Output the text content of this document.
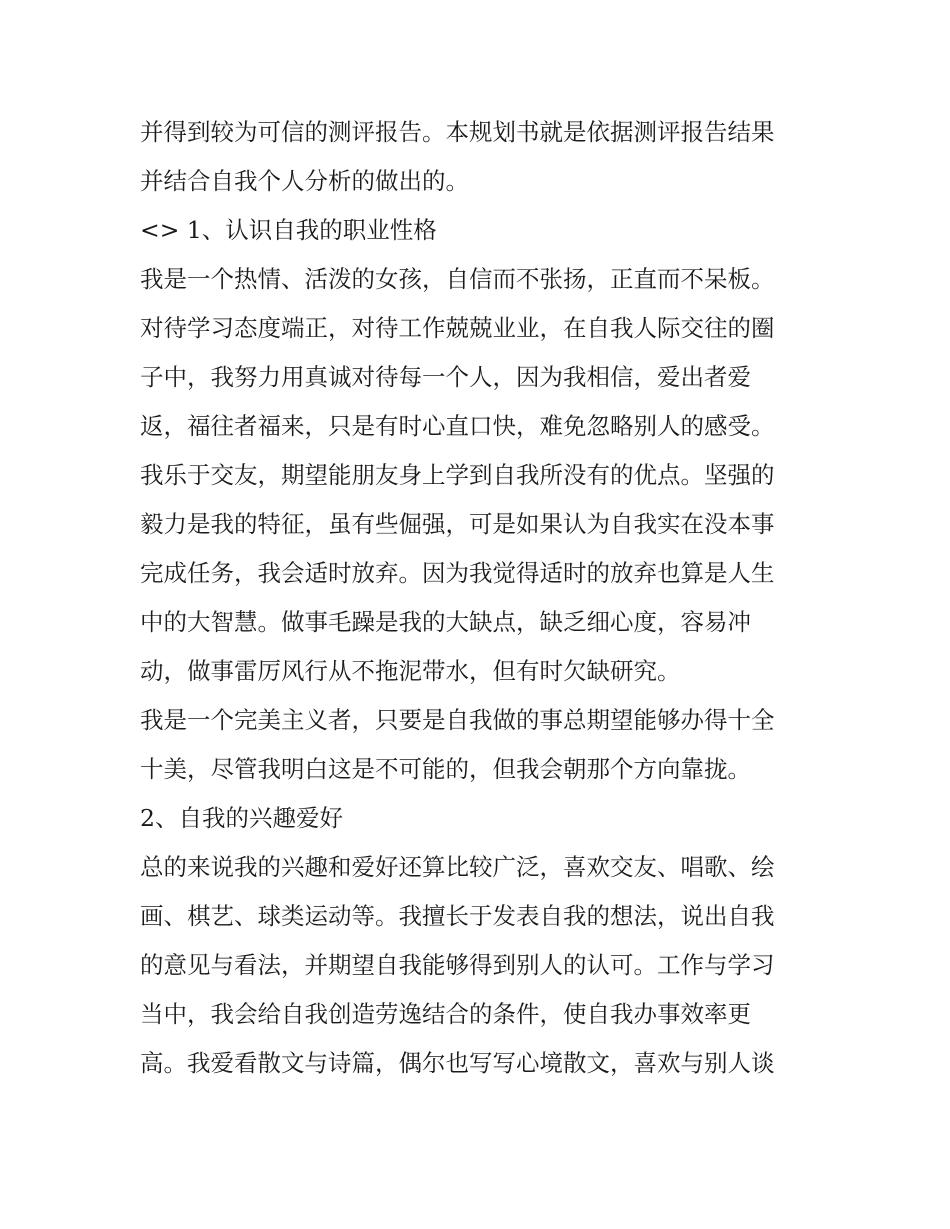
并得到较为可信的测评报告。本规划书就是依据测评报告结果
并结合自我个人分析的做出的。
<> 1、认识自我的职业性格
我是一个热情、活泼的女孩，自信而不张扬，正直而不呆板。
对待学习态度端正，对待工作兢兢业业，在自我人际交往的圈
子中，我努力用真诚对待每一个人，因为我相信，爱出者爱
返，福往者福来，只是有时心直口快，难免忽略别人的感受。
我乐于交友，期望能朋友身上学到自我所没有的优点。坚强的
毅力是我的特征，虽有些倔强，可是如果认为自我实在没本事
完成任务，我会适时放弃。因为我觉得适时的放弃也算是人生
中的大智慧。做事毛躁是我的大缺点，缺乏细心度，容易冲
动，做事雷厉风行从不拖泥带水，但有时欠缺研究。
我是一个完美主义者，只要是自我做的事总期望能够办得十全
十美，尽管我明白这是不可能的，但我会朝那个方向靠拢。
2、自我的兴趣爱好
总的来说我的兴趣和爱好还算比较广泛，喜欢交友、唱歌、绘
画、棋艺、球类运动等。我擅长于发表自我的想法，说出自我
的意见与看法，并期望自我能够得到别人的认可。工作与学习
当中，我会给自我创造劳逸结合的条件，使自我办事效率更
高。我爱看散文与诗篇，偶尔也写写心境散文，喜欢与别人谈
